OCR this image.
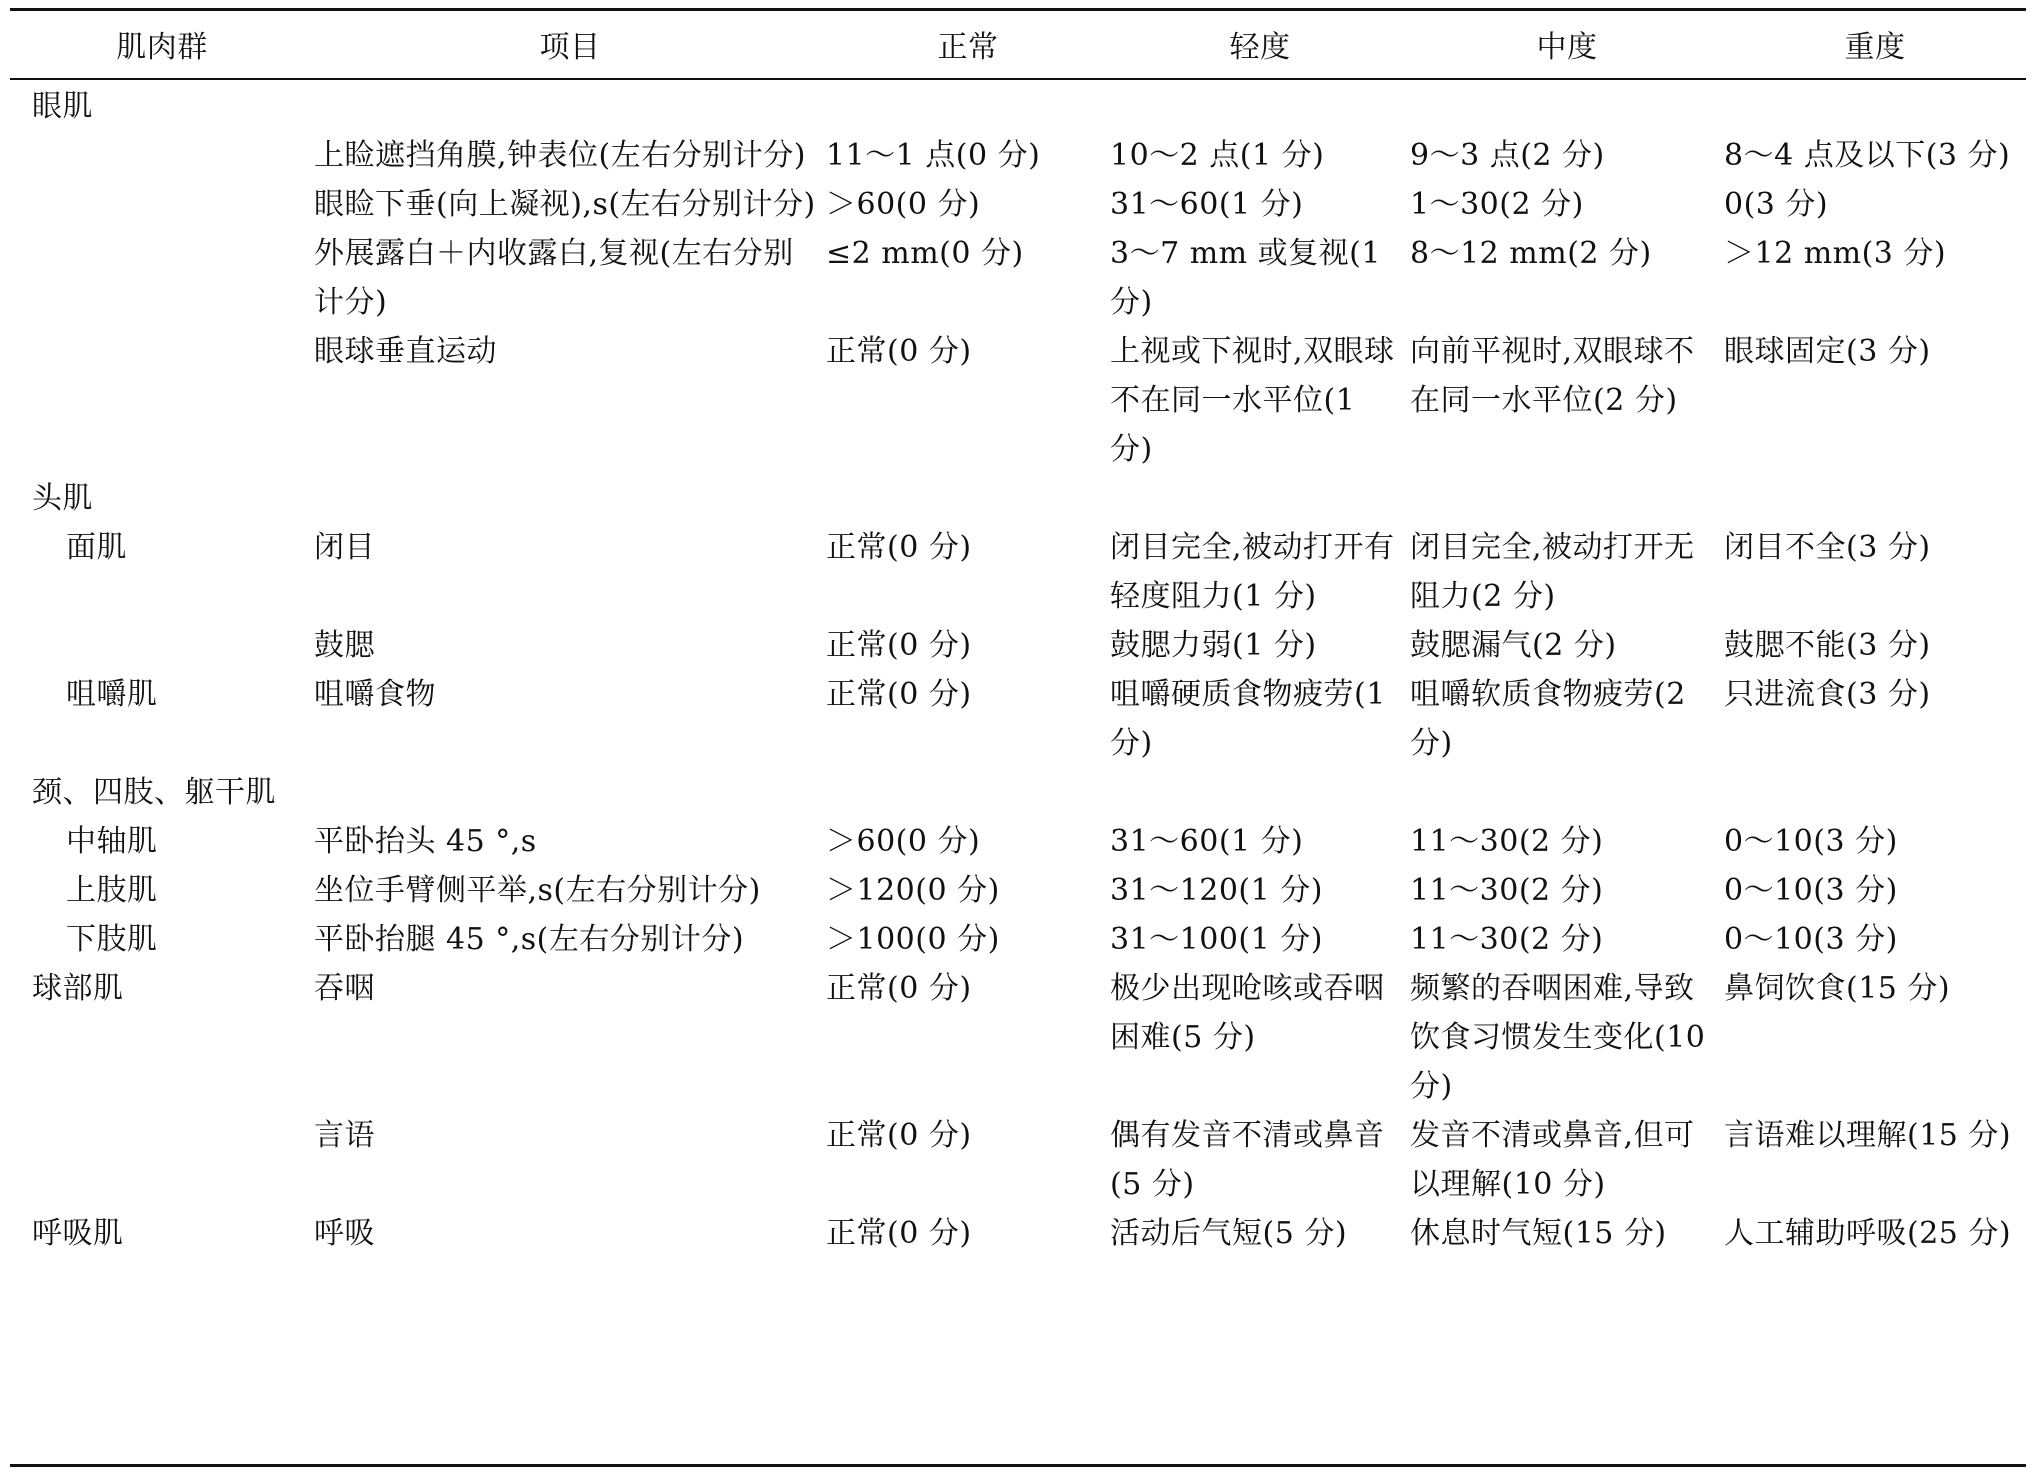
肌肉群	项目	正常	轻度	中度	重度
眼肌					
	上睑遮挡角膜,钟表位(左右分别计分)	11～1 点(0 分)	10～2 点(1 分)	9～3 点(2 分)	8～4 点及以下(3 分)
	眼睑下垂(向上凝视),s(左右分别计分)	＞60(0 分)	31～60(1 分)	1～30(2 分)	0(3 分)
	外展露白＋内收露白,复视(左右分别计分)	≤2 mm(0 分)	3～7 mm 或复视(1 分)	8～12 mm(2 分)	＞12 mm(3 分)
	眼球垂直运动	正常(0 分)	上视或下视时,双眼球不在同一水平位(1 分)	向前平视时,双眼球不在同一水平位(2 分)	眼球固定(3 分)
头肌					
面肌	闭目	正常(0 分)	闭目完全,被动打开有轻度阻力(1 分)	闭目完全,被动打开无阻力(2 分)	闭目不全(3 分)
	鼓腮	正常(0 分)	鼓腮力弱(1 分)	鼓腮漏气(2 分)	鼓腮不能(3 分)
咀嚼肌	咀嚼食物	正常(0 分)	咀嚼硬质食物疲劳(1 分)	咀嚼软质食物疲劳(2 分)	只进流食(3 分)
颈、四肢、躯干肌					
中轴肌	平卧抬头 45 °,s	＞60(0 分)	31～60(1 分)	11～30(2 分)	0～10(3 分)
上肢肌	坐位手臂侧平举,s(左右分别计分)	＞120(0 分)	31～120(1 分)	11～30(2 分)	0～10(3 分)
下肢肌	平卧抬腿 45 °,s(左右分别计分)	＞100(0 分)	31～100(1 分)	11～30(2 分)	0～10(3 分)
球部肌	吞咽	正常(0 分)	极少出现呛咳或吞咽困难(5 分)	频繁的吞咽困难,导致饮食习惯发生变化(10 分)	鼻饲饮食(15 分)
	言语	正常(0 分)	偶有发音不清或鼻音(5 分)	发音不清或鼻音,但可以理解(10 分)	言语难以理解(15 分)
呼吸肌	呼吸	正常(0 分)	活动后气短(5 分)	休息时气短(15 分)	人工辅助呼吸(25 分)
